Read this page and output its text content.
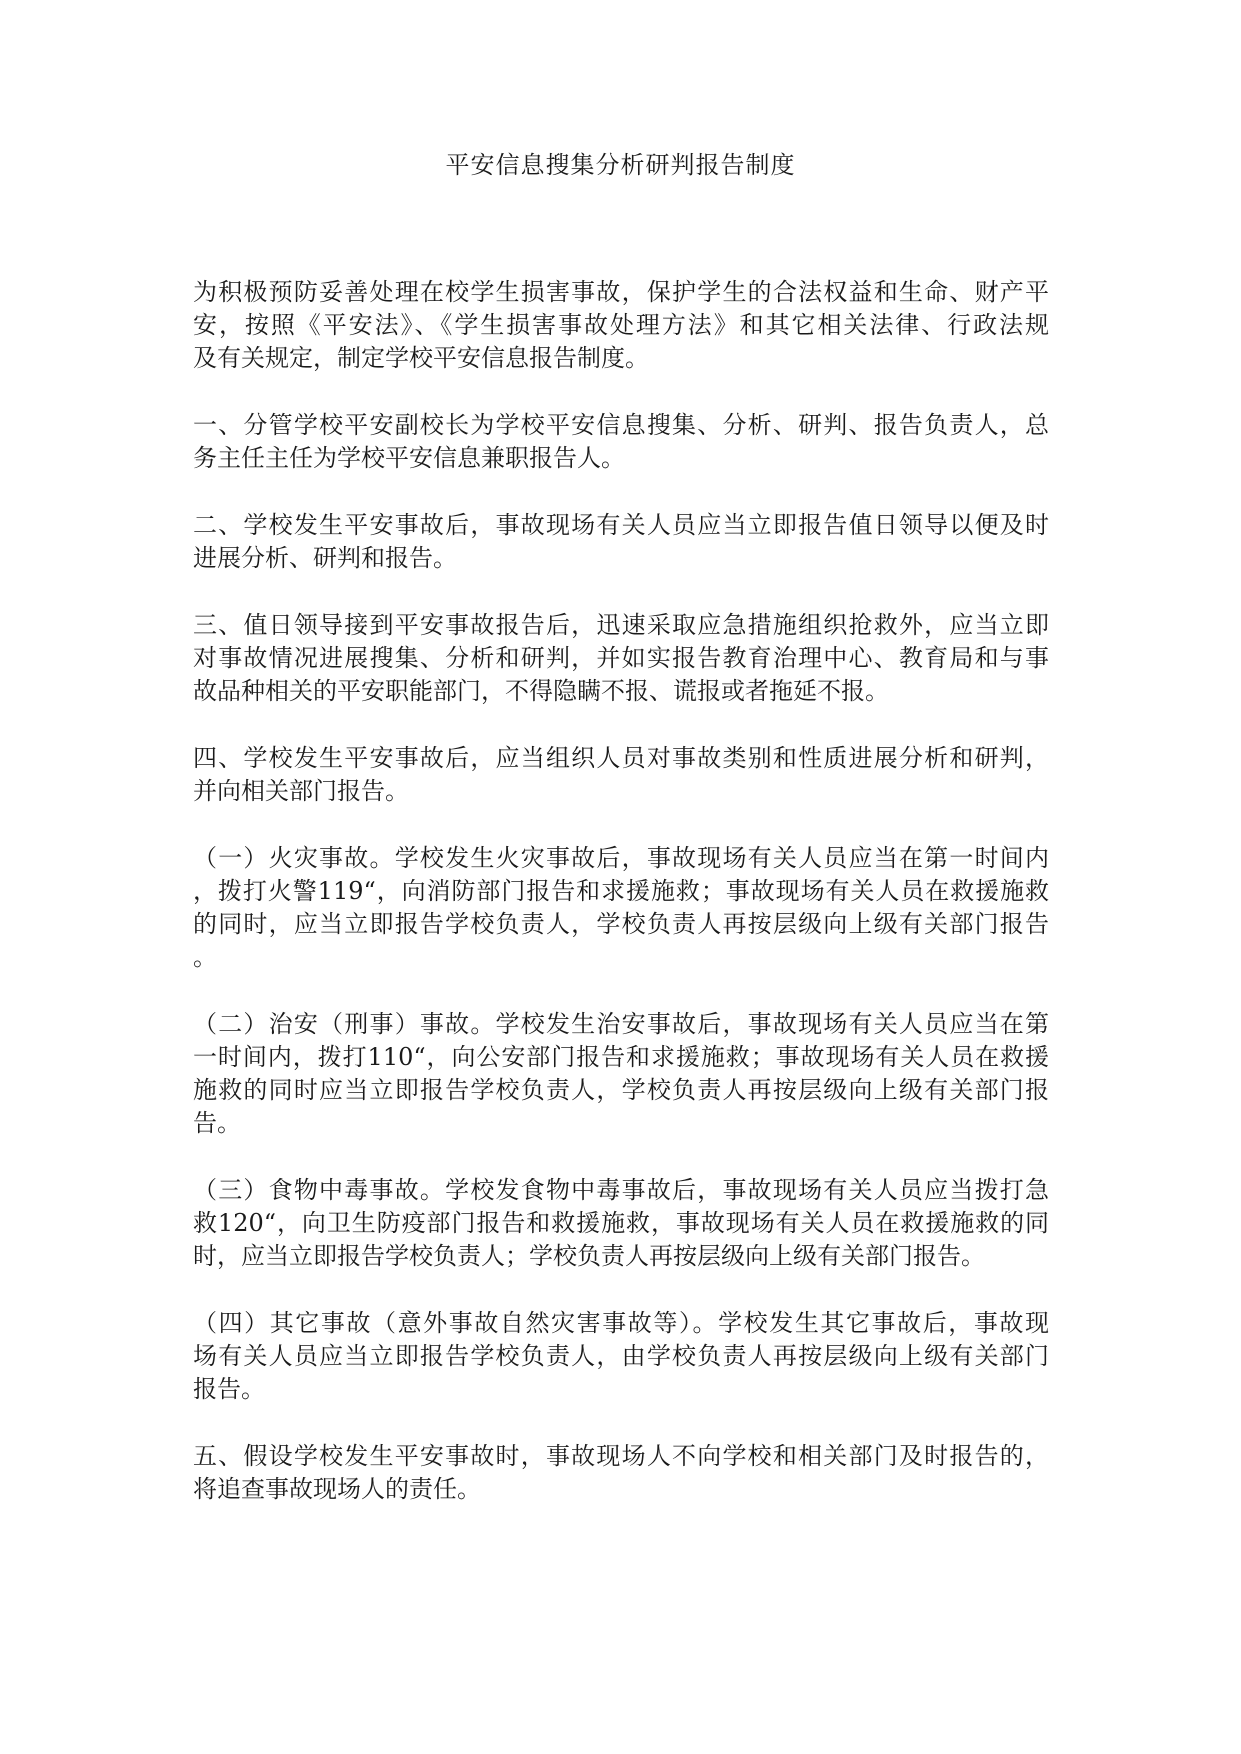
平安信息搜集分析研判报告制度

为积极预防妥善处理在校学生损害事故，保护学生的合法权益和生命、财产平
安，按照《平安法》、《学生损害事故处理方法》和其它相关法律、行政法规
及有关规定，制定学校平安信息报告制度。

一、分管学校平安副校长为学校平安信息搜集、分析、研判、报告负责人，总
务主任主任为学校平安信息兼职报告人。

二、学校发生平安事故后，事故现场有关人员应当立即报告值日领导以便及时
进展分析、研判和报告。

三、值日领导接到平安事故报告后，迅速采取应急措施组织抢救外，应当立即
对事故情况进展搜集、分析和研判，并如实报告教育治理中心、教育局和与事
故品种相关的平安职能部门，不得隐瞒不报、谎报或者拖延不报。

四、学校发生平安事故后，应当组织人员对事故类别和性质进展分析和研判，
并向相关部门报告。

（一）火灾事故。学校发生火灾事故后，事故现场有关人员应当在第一时间内
，拨打火警119“，向消防部门报告和求援施救；事故现场有关人员在救援施救
的同时，应当立即报告学校负责人，学校负责人再按层级向上级有关部门报告
。

（二）治安（刑事）事故。学校发生治安事故后，事故现场有关人员应当在第
一时间内，拨打110“，向公安部门报告和求援施救；事故现场有关人员在救援
施救的同时应当立即报告学校负责人，学校负责人再按层级向上级有关部门报
告。

（三）食物中毒事故。学校发食物中毒事故后，事故现场有关人员应当拨打急
救120“，向卫生防疫部门报告和救援施救，事故现场有关人员在救援施救的同
时，应当立即报告学校负责人；学校负责人再按层级向上级有关部门报告。

（四）其它事故（意外事故自然灾害事故等）。学校发生其它事故后，事故现
场有关人员应当立即报告学校负责人，由学校负责人再按层级向上级有关部门
报告。

五、假设学校发生平安事故时，事故现场人不向学校和相关部门及时报告的，
将追查事故现场人的责任。
